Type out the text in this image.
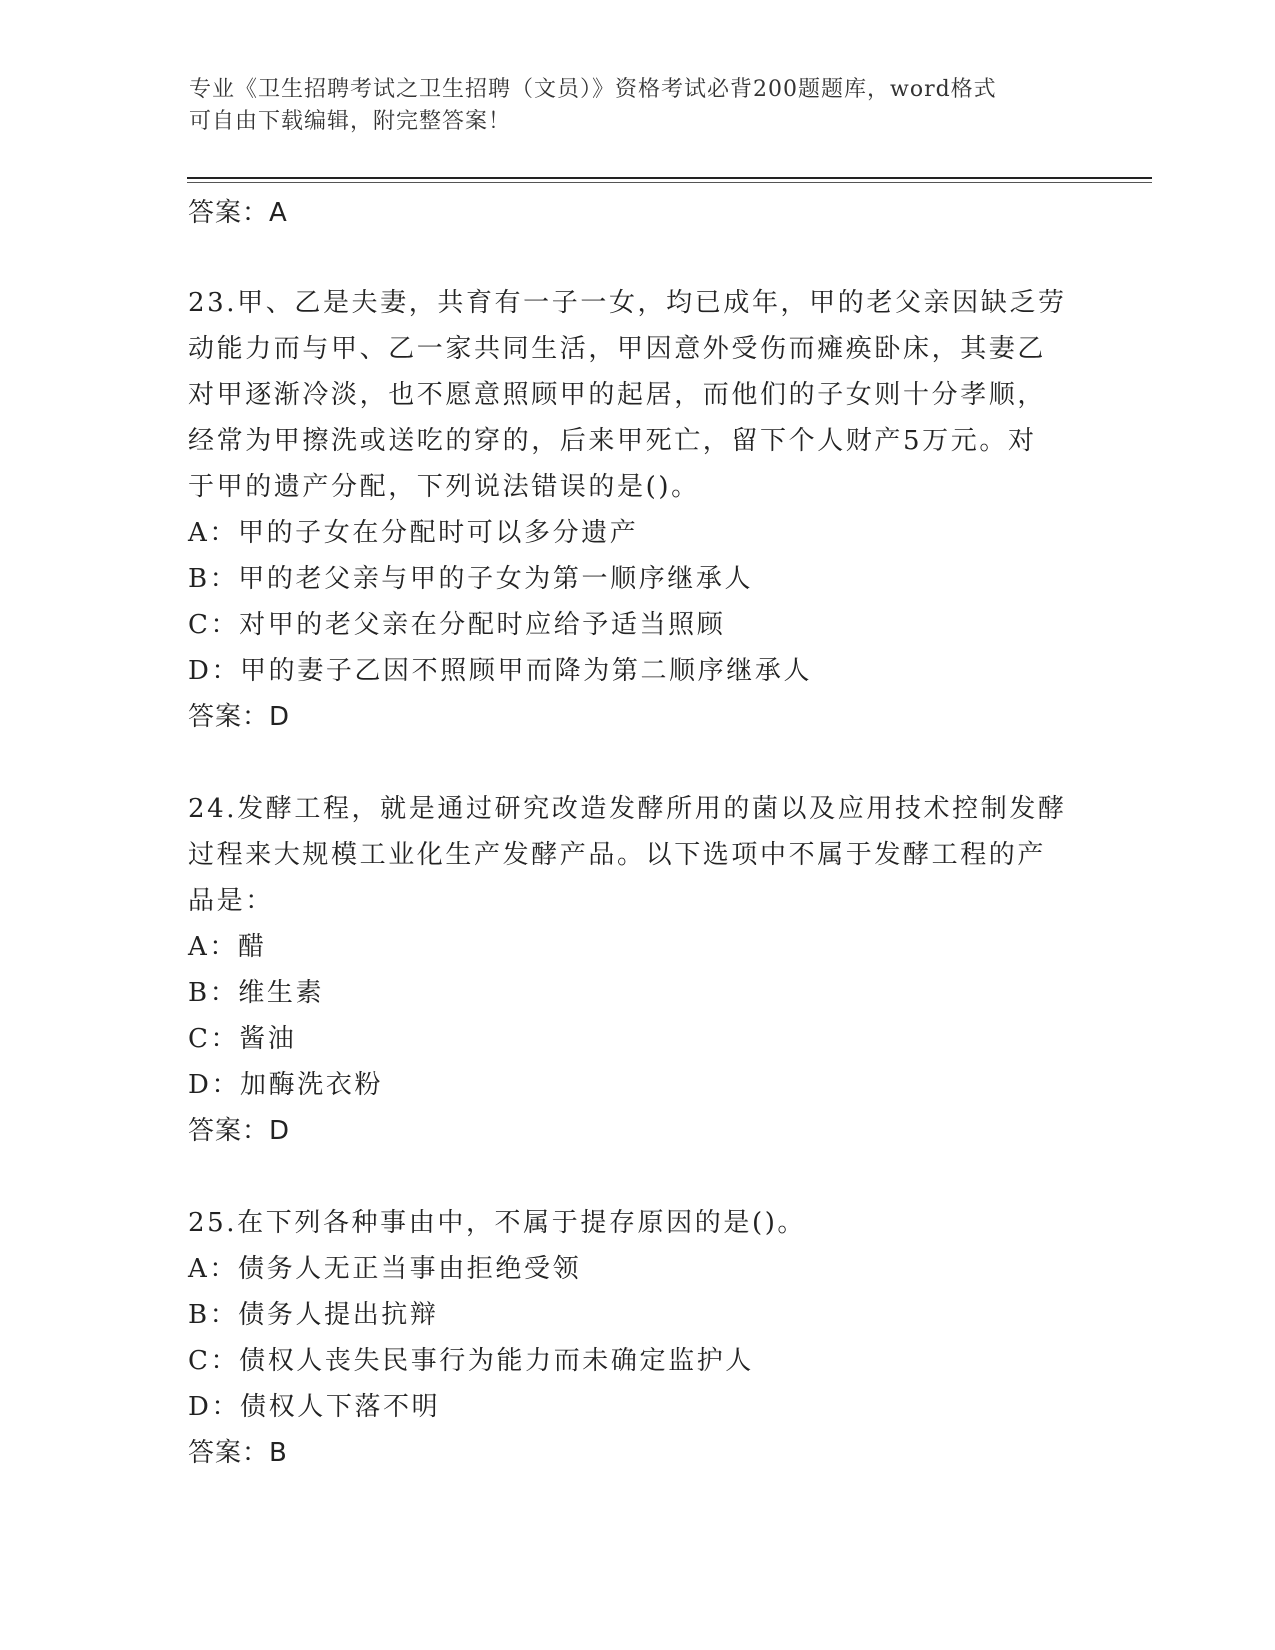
专业《卫生招聘考试之卫生招聘（文员）》资格考试必背200题题库，word格式
可自由下载编辑，附完整答案！
答案：A
23.甲、乙是夫妻，共育有一子一女，均已成年，甲的老父亲因缺乏劳
动能力而与甲、乙一家共同生活，甲因意外受伤而瘫痪卧床，其妻乙
对甲逐渐冷淡，也不愿意照顾甲的起居，而他们的子女则十分孝顺，
经常为甲擦洗或送吃的穿的，后来甲死亡，留下个人财产5万元。对
于甲的遗产分配，下列说法错误的是()。
A：甲的子女在分配时可以多分遗产
B：甲的老父亲与甲的子女为第一顺序继承人
C：对甲的老父亲在分配时应给予适当照顾
D：甲的妻子乙因不照顾甲而降为第二顺序继承人
答案：D
24.发酵工程，就是通过研究改造发酵所用的菌以及应用技术控制发酵
过程来大规模工业化生产发酵产品。以下选项中不属于发酵工程的产
品是：
A：醋
B：维生素
C：酱油
D：加酶洗衣粉
答案：D
25.在下列各种事由中，不属于提存原因的是()。
A：债务人无正当事由拒绝受领
B：债务人提出抗辩
C：债权人丧失民事行为能力而未确定监护人
D：债权人下落不明
答案：B
